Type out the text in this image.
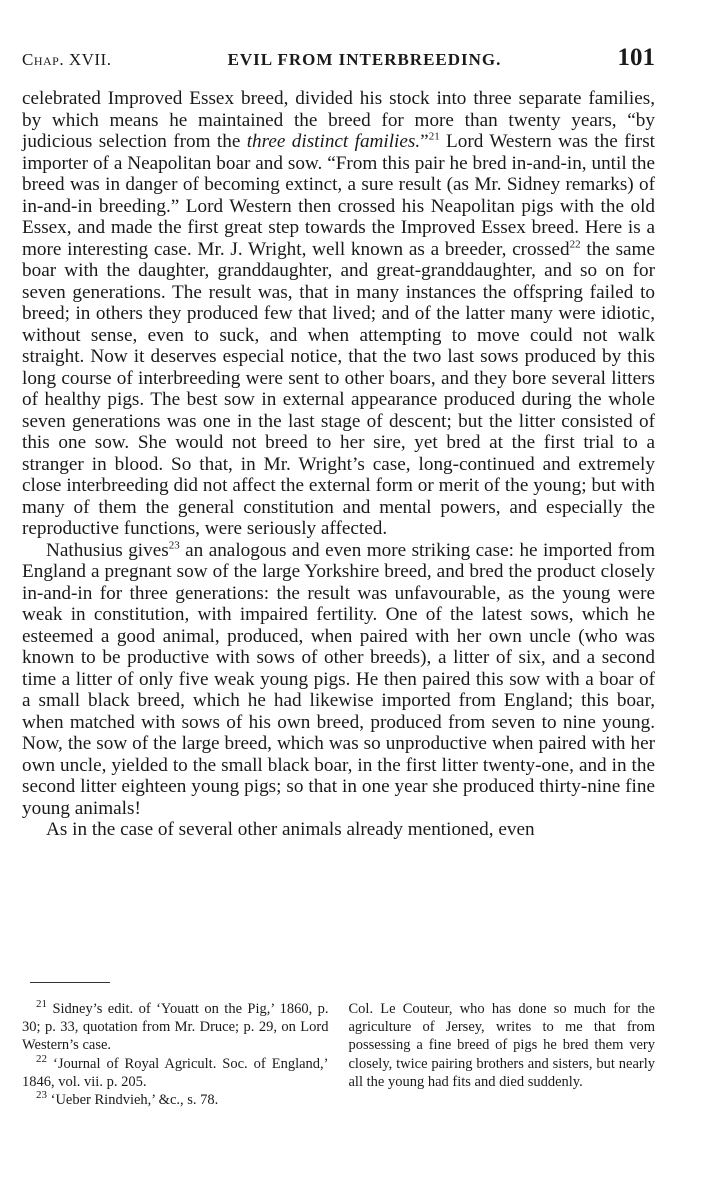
Chap. XVII.	EVIL FROM INTERBREEDING.	101

celebrated Improved Essex breed, divided his stock into three separate families, by which means he maintained the breed for more than twenty years, “by judicious selection from the three distinct families.”$^{21}$ Lord Western was the first importer of a Neapolitan boar and sow. “From this pair he bred in-and-in, until the breed was in danger of becoming extinct, a sure result (as Mr. Sidney remarks) of in-and-in breeding.” Lord Western then crossed his Neapolitan pigs with the old Essex, and made the first great step towards the Improved Essex breed. Here is a more interesting case. Mr. J. Wright, well known as a breeder, crossed$^{22}$ the same boar with the daughter, granddaughter, and great-granddaughter, and so on for seven generations. The result was, that in many instances the offspring failed to breed; in others they produced few that lived; and of the latter many were idiotic, without sense, even to suck, and when attempting to move could not walk straight. Now it deserves especial notice, that the two last sows produced by this long course of interbreeding were sent to other boars, and they bore several litters of healthy pigs. The best sow in external appearance produced during the whole seven generations was one in the last stage of descent; but the litter consisted of this one sow. She would not breed to her sire, yet bred at the first trial to a stranger in blood. So that, in Mr. Wright’s case, long-continued and extremely close interbreeding did not affect the external form or merit of the young; but with many of them the general constitution and mental powers, and especially the reproductive functions, were seriously affected.

Nathusius gives$^{23}$ an analogous and even more striking case: he imported from England a pregnant sow of the large Yorkshire breed, and bred the product closely in-and-in for three generations: the result was unfavourable, as the young were weak in constitution, with impaired fertility. One of the latest sows, which he esteemed a good animal, produced, when paired with her own uncle (who was known to be productive with sows of other breeds), a litter of six, and a second time a litter of only five weak young pigs. He then paired this sow with a boar of a small black breed, which he had likewise imported from England; this boar, when matched with sows of his own breed, produced from seven to nine young. Now, the sow of the large breed, which was so unproductive when paired with her own uncle, yielded to the small black boar, in the first litter twenty-one, and in the second litter eighteen young pigs; so that in one year she produced thirty-nine fine young animals!

As in the case of several other animals already mentioned, even

$^{21}$ Sidney’s edit. of ‘Youatt on the Pig,’ 1860, p. 30; p. 33, quotation from Mr. Druce; p. 29, on Lord Western’s case.

$^{22}$ ‘Journal of Royal Agricult. Soc. of England,’ 1846, vol. vii. p. 205.

$^{23}$ ‘Ueber Rindvieh,’ &c., s. 78.

Col. Le Couteur, who has done so much for the agriculture of Jersey, writes to me that from possessing a fine breed of pigs he bred them very closely, twice pairing brothers and sisters, but nearly all the young had fits and died suddenly.
